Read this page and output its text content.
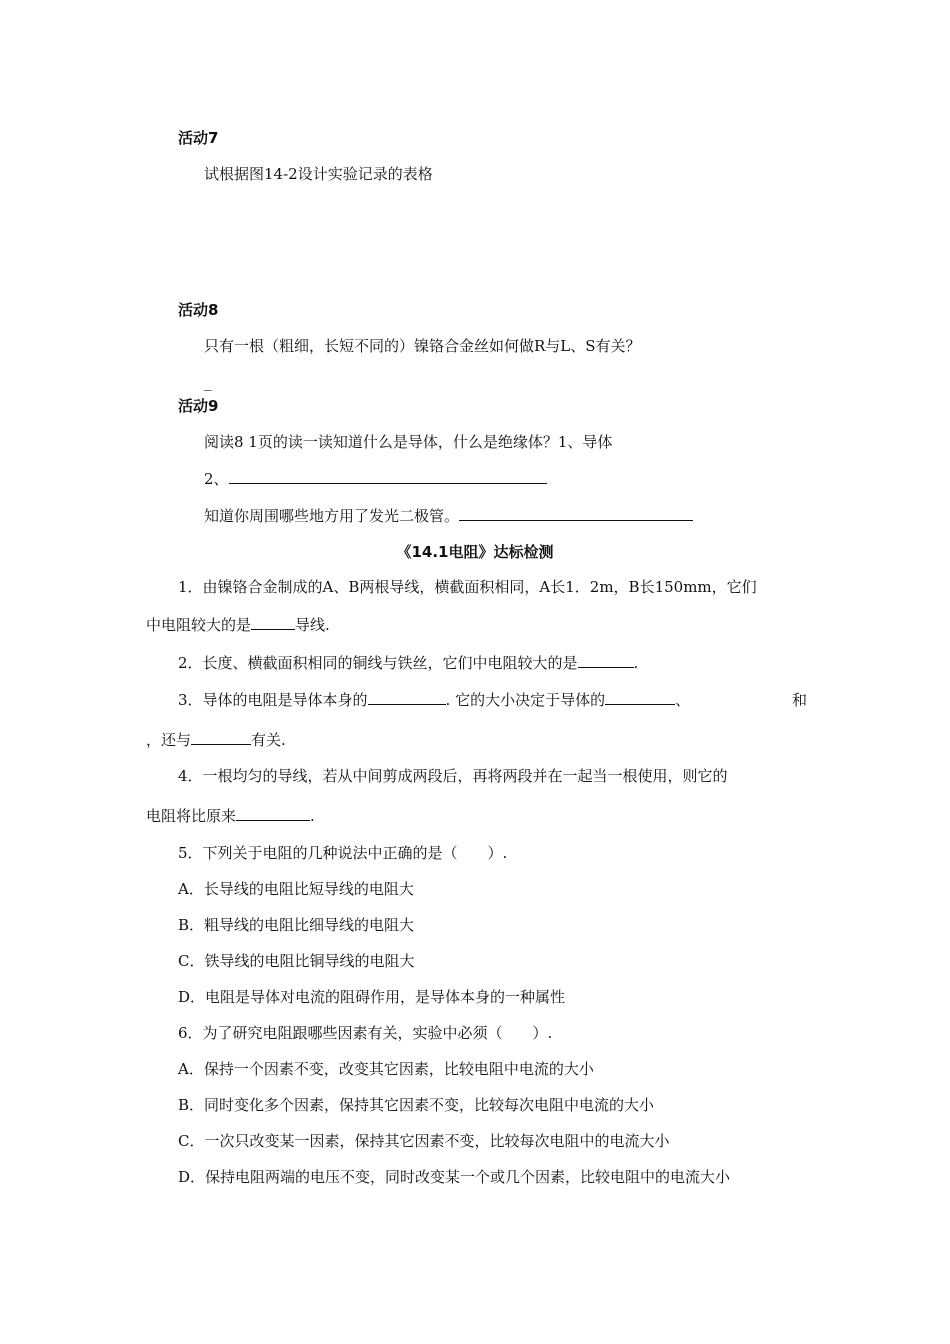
活动7
试根据图14-2设计实验记录的表格
活动8
只有一根（粗细，长短不同的）镍铬合金丝如何做R与L、S有关？
_
活动9
阅读8 1页的读一读知道什么是导体，什么是绝缘体？1、导体
2、
知道你周围哪些地方用了发光二极管。
《14.1电阻》达标检测
1．由镍铬合金制成的A、B两根导线，横截面积相同，A长1．2m，B长150mm，它们
中电阻较大的是	导线.
2．长度、横截面积相同的铜线与铁丝，它们中电阻较大的是	.
3．导体的电阻是导体本身的	. 它的大小决定于导体的	、	和
，还与	有关.
4．一根均匀的导线，若从中间剪成两段后，再将两段并在一起当一根使用，则它的
电阻将比原来	.
5．下列关于电阻的几种说法中正确的是（　　）.
A．长导线的电阻比短导线的电阻大
B．粗导线的电阻比细导线的电阻大
C．铁导线的电阻比铜导线的电阻大
D．电阻是导体对电流的阻碍作用，是导体本身的一种属性
6．为了研究电阻跟哪些因素有关，实验中必须（　　）.
A．保持一个因素不变，改变其它因素，比较电阻中电流的大小
B．同时变化多个因素，保持其它因素不变，比较每次电阻中电流的大小
C．一次只改变某一因素，保持其它因素不变，比较每次电阻中的电流大小
D．保持电阻两端的电压不变，同时改变某一个或几个因素，比较电阻中的电流大小
